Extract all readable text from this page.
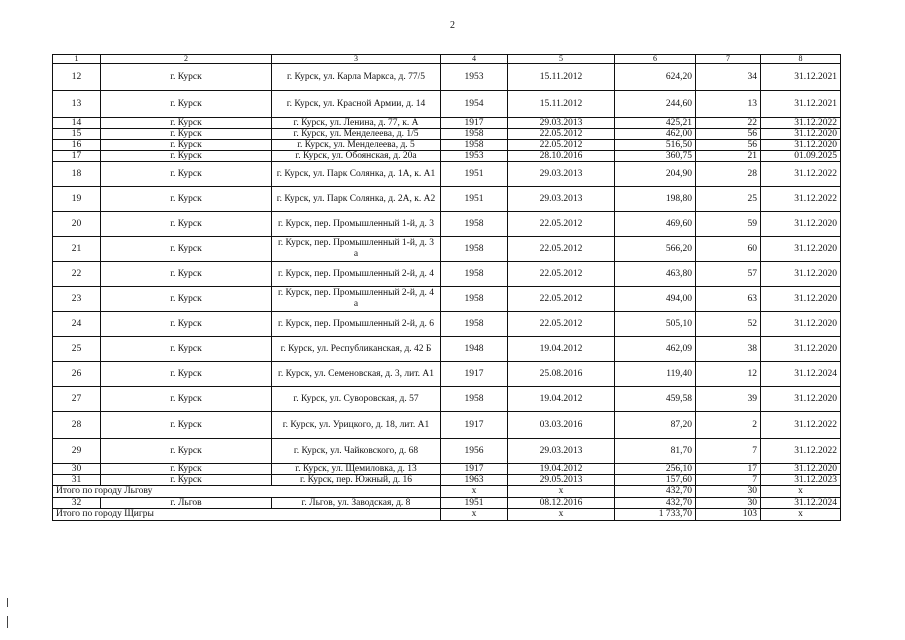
2
1	2	3	4	5	6	7	8
12	г. Курск	г. Курск, ул. Карла Маркса, д. 77/5	1953	15.11.2012	624,20	34	31.12.2021
13	г. Курск	г. Курск, ул. Красной Армии, д. 14	1954	15.11.2012	244,60	13	31.12.2021
14	г. Курск	г. Курск, ул. Ленина, д. 77, к. А	1917	29.03.2013	425,21	22	31.12.2022
15	г. Курск	г. Курск, ул. Менделеева, д. 1/5	1958	22.05.2012	462,00	56	31.12.2020
16	г. Курск	г. Курск, ул. Менделеева, д. 5	1958	22.05.2012	516,50	56	31.12.2020
17	г. Курск	г. Курск, ул. Обоянская, д. 20а	1953	28.10.2016	360,75	21	01.09.2025
18	г. Курск	г. Курск, ул. Парк Солянка, д. 1А, к. А1	1951	29.03.2013	204,90	28	31.12.2022
19	г. Курск	г. Курск, ул. Парк Солянка, д. 2А, к. А2	1951	29.03.2013	198,80	25	31.12.2022
20	г. Курск	г. Курск, пер. Промышленный 1-й, д. 3	1958	22.05.2012	469,60	59	31.12.2020
21	г. Курск	г. Курск, пер. Промышленный 1-й, д. 3 а	1958	22.05.2012	566,20	60	31.12.2020
22	г. Курск	г. Курск, пер. Промышленный 2-й, д. 4	1958	22.05.2012	463,80	57	31.12.2020
23	г. Курск	г. Курск, пер. Промышленный 2-й, д. 4 а	1958	22.05.2012	494,00	63	31.12.2020
24	г. Курск	г. Курск, пер. Промышленный 2-й, д. 6	1958	22.05.2012	505,10	52	31.12.2020
25	г. Курск	г. Курск, ул. Республиканская, д. 42 Б	1948	19.04.2012	462,09	38	31.12.2020
26	г. Курск	г. Курск, ул. Семеновская, д. 3, лит. А1	1917	25.08.2016	119,40	12	31.12.2024
27	г. Курск	г. Курск, ул. Суворовская, д. 57	1958	19.04.2012	459,58	39	31.12.2020
28	г. Курск	г. Курск, ул. Урицкого, д. 18, лит. А1	1917	03.03.2016	87,20	2	31.12.2022
29	г. Курск	г. Курск, ул. Чайковского, д. 68	1956	29.03.2013	81,70	7	31.12.2022
30	г. Курск	г. Курск, ул. Щемиловка, д. 13	1917	19.04.2012	256,10	17	31.12.2020
31	г. Курск	г. Курск, пер. Южный, д. 16	1963	29.05.2013	157,60	7	31.12.2023
Итого по городу Льгову			х	х	432,70	30	х
32	г. Льгов	г. Льгов, ул. Заводская, д. 8	1951	08.12.2016	432,70	30	31.12.2024
Итого по городу Щигры			х	х	1 733,70	103	х
